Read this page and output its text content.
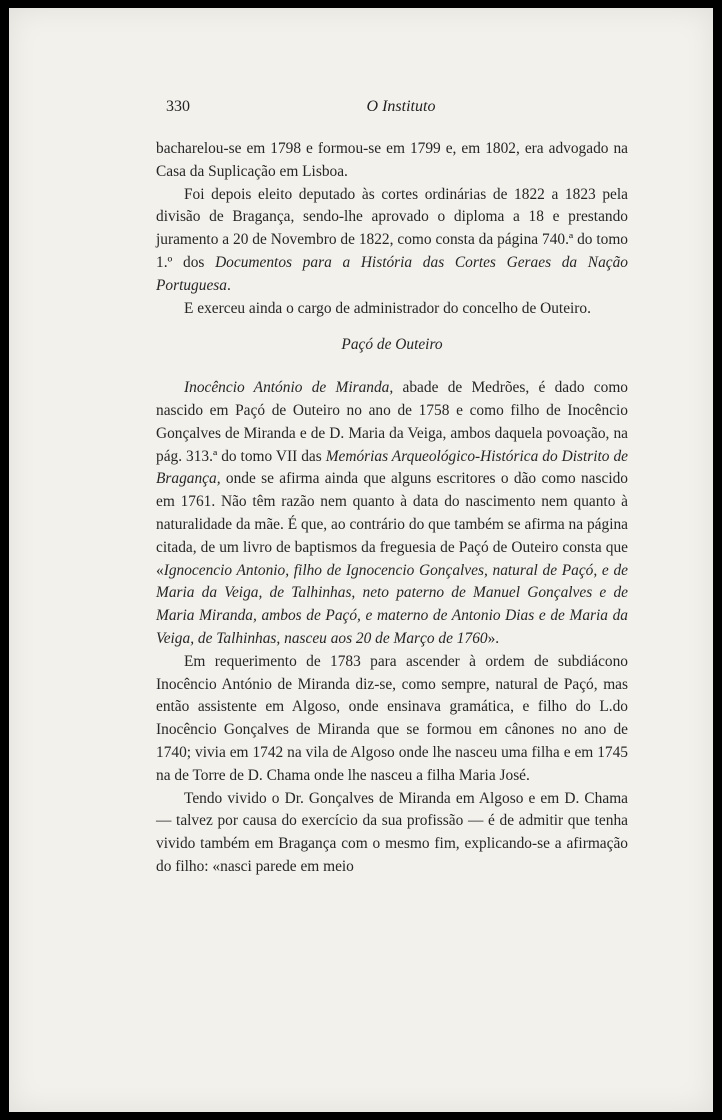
330	O Instituto

bacharelou-se em 1798 e formou-se em 1799 e, em 1802, era advogado na Casa da Suplicação em Lisboa.

Foi depois eleito deputado às cortes ordinárias de 1822 a 1823 pela divisão de Bragança, sendo-lhe aprovado o diploma a 18 e prestando juramento a 20 de Novembro de 1822, como consta da página 740.ª do tomo 1.º dos Documentos para a História das Cortes Geraes da Nação Portuguesa.

E exerceu ainda o cargo de administrador do concelho de Outeiro.

Paçó de Outeiro

Inocêncio António de Miranda, abade de Medrões, é dado como nascido em Paçó de Outeiro no ano de 1758 e como filho de Inocêncio Gonçalves de Miranda e de D. Maria da Veiga, ambos daquela povoação, na pág. 313.ª do tomo VII das Memórias Arqueológico-Histórica do Distrito de Bragança, onde se afirma ainda que alguns escritores o dão como nascido em 1761. Não têm razão nem quanto à data do nascimento nem quanto à naturalidade da mãe. É que, ao contrário do que também se afirma na página citada, de um livro de baptismos da freguesia de Paçó de Outeiro consta que «Ignocencio Antonio, filho de Ignocencio Gonçalves, natural de Paçó, e de Maria da Veiga, de Talhinhas, neto paterno de Manuel Gonçalves e de Maria Miranda, ambos de Paçó, e materno de Antonio Dias e de Maria da Veiga, de Talhinhas, nasceu aos 20 de Março de 1760».

Em requerimento de 1783 para ascender à ordem de subdiácono Inocêncio António de Miranda diz-se, como sempre, natural de Paçó, mas então assistente em Algoso, onde ensinava gramática, e filho do L.do Inocêncio Gonçalves de Miranda que se formou em cânones no ano de 1740; vivia em 1742 na vila de Algoso onde lhe nasceu uma filha e em 1745 na de Torre de D. Chama onde lhe nasceu a filha Maria José.

Tendo vivido o Dr. Gonçalves de Miranda em Algoso e em D. Chama — talvez por causa do exercício da sua profissão — é de admitir que tenha vivido também em Bragança com o mesmo fim, explicando-se a afirmação do filho: «nasci parede em meio
